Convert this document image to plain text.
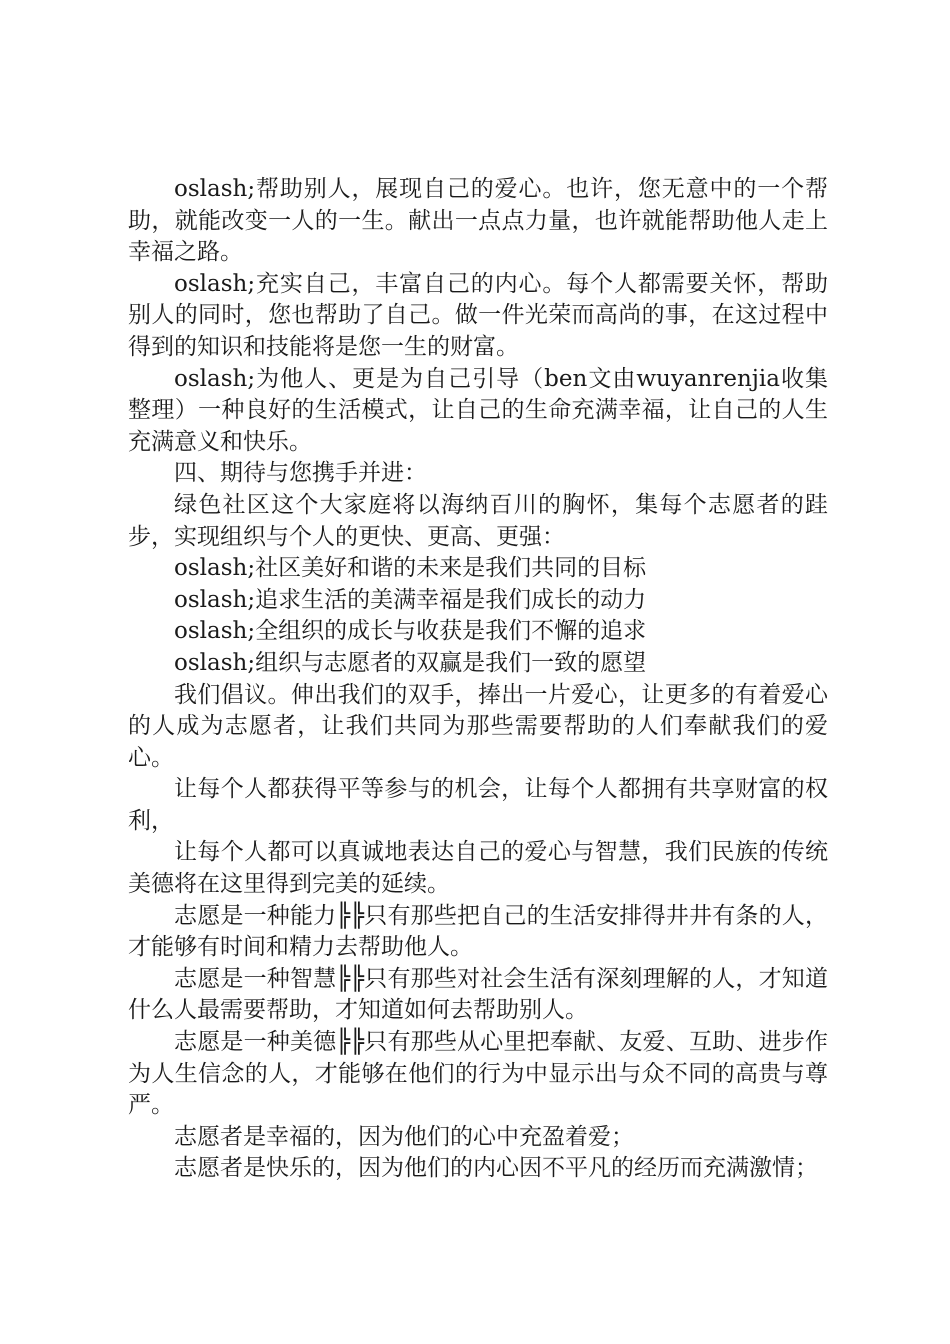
oslash;帮助别人，展现自己的爱心。也许，您无意中的一个帮助，就能改变一人的一生。献出一点点力量，也许就能帮助他人走上幸福之路。

oslash;充实自己，丰富自己的内心。每个人都需要关怀，帮助别人的同时，您也帮助了自己。做一件光荣而高尚的事，在这过程中得到的知识和技能将是您一生的财富。

oslash;为他人、更是为自己引导（ben文由wuyanrenjia收集整理）一种良好的生活模式，让自己的生命充满幸福，让自己的人生充满意义和快乐。

四、期待与您携手并进：

绿色社区这个大家庭将以海纳百川的胸怀，集每个志愿者的跬步，实现组织与个人的更快、更高、更强：

oslash;社区美好和谐的未来是我们共同的目标

oslash;追求生活的美满幸福是我们成长的动力

oslash;全组织的成长与收获是我们不懈的追求

oslash;组织与志愿者的双赢是我们一致的愿望

我们倡议。伸出我们的双手，捧出一片爱心，让更多的有着爱心的人成为志愿者，让我们共同为那些需要帮助的人们奉献我们的爱心。

让每个人都获得平等参与的机会，让每个人都拥有共享财富的权利，

让每个人都可以真诚地表达自己的爱心与智慧，我们民族的传统美德将在这里得到完美的延续。

志愿是一种能力╠╠只有那些把自己的生活安排得井井有条的人，才能够有时间和精力去帮助他人。

志愿是一种智慧╠╠只有那些对社会生活有深刻理解的人，才知道什么人最需要帮助，才知道如何去帮助别人。

志愿是一种美德╠╠只有那些从心里把奉献、友爱、互助、进步作为人生信念的人，才能够在他们的行为中显示出与众不同的高贵与尊严。

志愿者是幸福的，因为他们的心中充盈着爱；

志愿者是快乐的，因为他们的内心因不平凡的经历而充满激情；
